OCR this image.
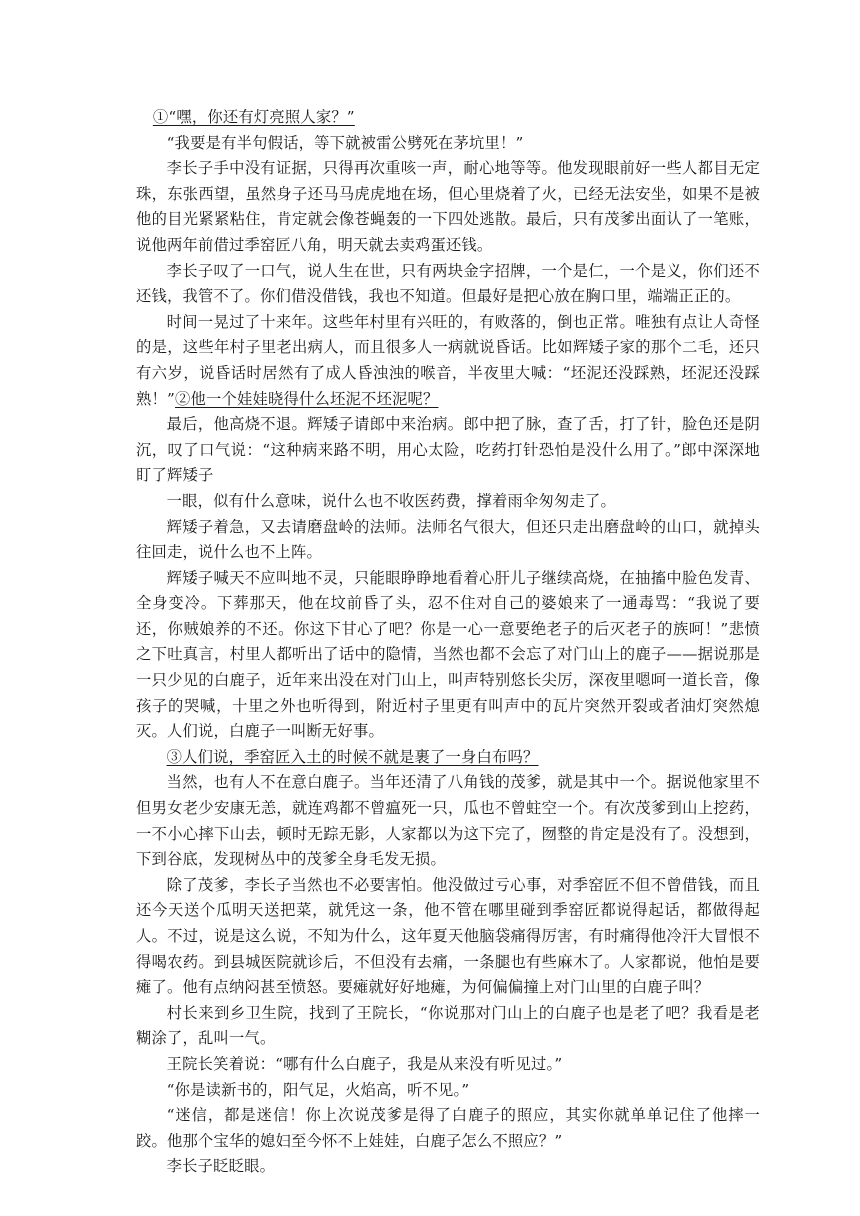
①“嘿，你还有灯亮照人家？”

“我要是有半句假话，等下就被雷公劈死在茅坑里！”

李长子手中没有证据，只得再次重咳一声，耐心地等等。他发现眼前好一些人都目无定珠，东张西望，虽然身子还马马虎虎地在场，但心里烧着了火，已经无法安坐，如果不是被他的目光紧紧粘住，肯定就会像苍蝇轰的一下四处逃散。最后，只有茂爹出面认了一笔账，说他两年前借过季窑匠八角，明天就去卖鸡蛋还钱。

李长子叹了一口气，说人生在世，只有两块金字招牌，一个是仁，一个是义，你们还不还钱，我管不了。你们借没借钱，我也不知道。但最好是把心放在胸口里，端端正正的。

时间一晃过了十来年。这些年村里有兴旺的，有败落的，倒也正常。唯独有点让人奇怪的是，这些年村子里老出病人，而且很多人一病就说昏话。比如辉矮子家的那个二毛，还只有六岁，说昏话时居然有了成人昏浊浊的喉音，半夜里大喊：“坯泥还没踩熟，坯泥还没踩熟！”②他一个娃娃晓得什么坯泥不坯泥呢？

最后，他高烧不退。辉矮子请郎中来治病。郎中把了脉，查了舌，打了针，脸色还是阴沉，叹了口气说：“这种病来路不明，用心太险，吃药打针恐怕是没什么用了。”郎中深深地盯了辉矮子

一眼，似有什么意味，说什么也不收医药费，撑着雨伞匆匆走了。

辉矮子着急，又去请磨盘岭的法师。法师名气很大，但还只走出磨盘岭的山口，就掉头往回走，说什么也不上阵。

辉矮子喊天不应叫地不灵，只能眼睁睁地看着心肝儿子继续高烧，在抽搐中脸色发青、全身变冷。下葬那天，他在坟前昏了头，忍不住对自己的婆娘来了一通毒骂：“我说了要还，你贼娘养的不还。你这下甘心了吧？你是一心一意要绝老子的后灭老子的族呵！”悲愤之下吐真言，村里人都听出了话中的隐情，当然也都不会忘了对门山上的鹿子——据说那是一只少见的白鹿子，近年来出没在对门山上，叫声特别悠长尖厉，深夜里嗯呵一道长音，像孩子的哭喊，十里之外也听得到，附近村子里更有叫声中的瓦片突然开裂或者油灯突然熄灭。人们说，白鹿子一叫断无好事。

③人们说，季窑匠入土的时候不就是裹了一身白布吗？

当然，也有人不在意白鹿子。当年还清了八角钱的茂爹，就是其中一个。据说他家里不但男女老少安康无恙，就连鸡都不曾瘟死一只，瓜也不曾蛀空一个。有次茂爹到山上挖药，一不小心摔下山去，顿时无踪无影，人家都以为这下完了，囫整的肯定是没有了。没想到，下到谷底，发现树丛中的茂爹全身毛发无损。

除了茂爹，李长子当然也不必要害怕。他没做过亏心事，对季窑匠不但不曾借钱，而且还今天送个瓜明天送把菜，就凭这一条，他不管在哪里碰到季窑匠都说得起话，都做得起人。不过，说是这么说，不知为什么，这年夏天他脑袋痛得厉害，有时痛得他冷汗大冒恨不得喝农药。到县城医院就诊后，不但没有去痛，一条腿也有些麻木了。人家都说，他怕是要瘫了。他有点纳闷甚至愤怒。要瘫就好好地瘫，为何偏偏撞上对门山里的白鹿子叫？

村长来到乡卫生院，找到了王院长，“你说那对门山上的白鹿子也是老了吧？我看是老糊涂了，乱叫一气。

王院长笑着说：“哪有什么白鹿子，我是从来没有听见过。”

“你是读新书的，阳气足，火焰高，听不见。”

“迷信，都是迷信！你上次说茂爹是得了白鹿子的照应，其实你就单单记住了他摔一跤。他那个宝华的媳妇至今怀不上娃娃，白鹿子怎么不照应？”

李长子眨眨眼。
